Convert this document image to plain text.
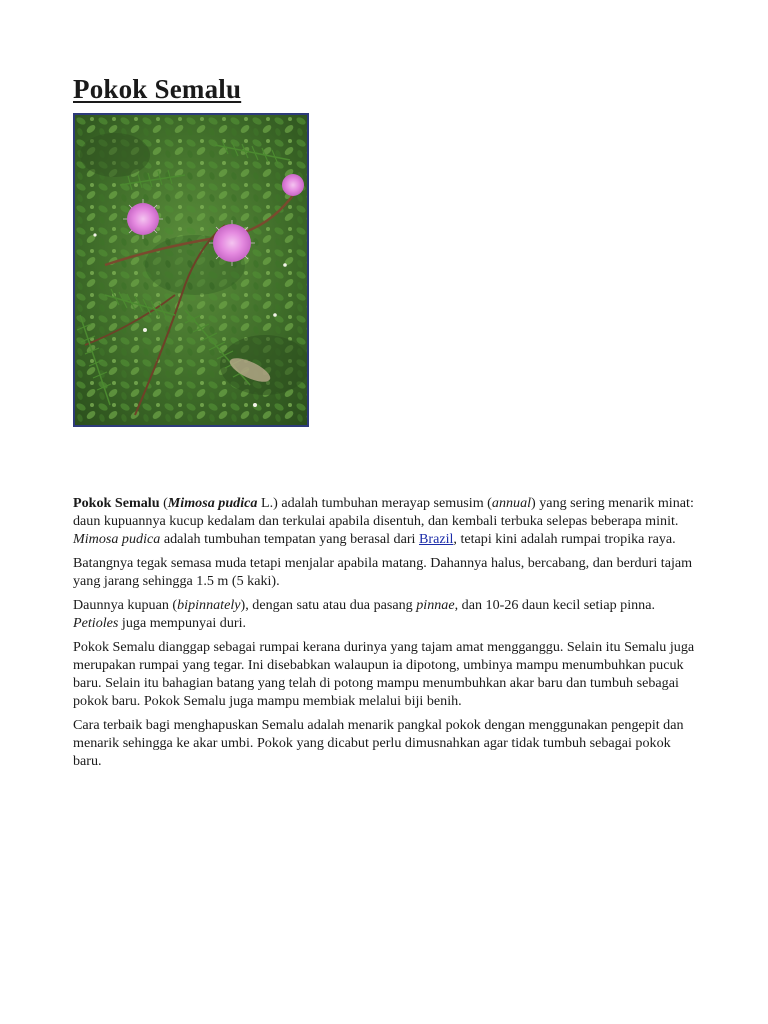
Pokok Semalu

Pokok Semalu (Mimosa pudica L.) adalah tumbuhan merayap semusim (annual) yang sering menarik minat: daun kupuannya kucup kedalam dan terkulai apabila disentuh, dan kembali terbuka selepas beberapa minit. Mimosa pudica adalah tumbuhan tempatan yang berasal dari Brazil, tetapi kini adalah rumpai tropika raya.

Batangnya tegak semasa muda tetapi menjalar apabila matang. Dahannya halus, bercabang, dan berduri tajam yang jarang sehingga 1.5 m (5 kaki).

Daunnya kupuan (bipinnately), dengan satu atau dua pasang pinnae, dan 10-26 daun kecil setiap pinna. Petioles juga mempunyai duri.

Pokok Semalu dianggap sebagai rumpai kerana durinya yang tajam amat mengganggu. Selain itu Semalu juga merupakan rumpai yang tegar. Ini disebabkan walaupun ia dipotong, umbinya mampu menumbuhkan pucuk baru. Selain itu bahagian batang yang telah di potong mampu menumbuhkan akar baru dan tumbuh sebagai pokok baru. Pokok Semalu juga mampu membiak melalui biji benih.

Cara terbaik bagi menghapuskan Semalu adalah menarik pangkal pokok dengan menggunakan pengepit dan menarik sehingga ke akar umbi. Pokok yang dicabut perlu dimusnahkan agar tidak tumbuh sebagai pokok baru.
